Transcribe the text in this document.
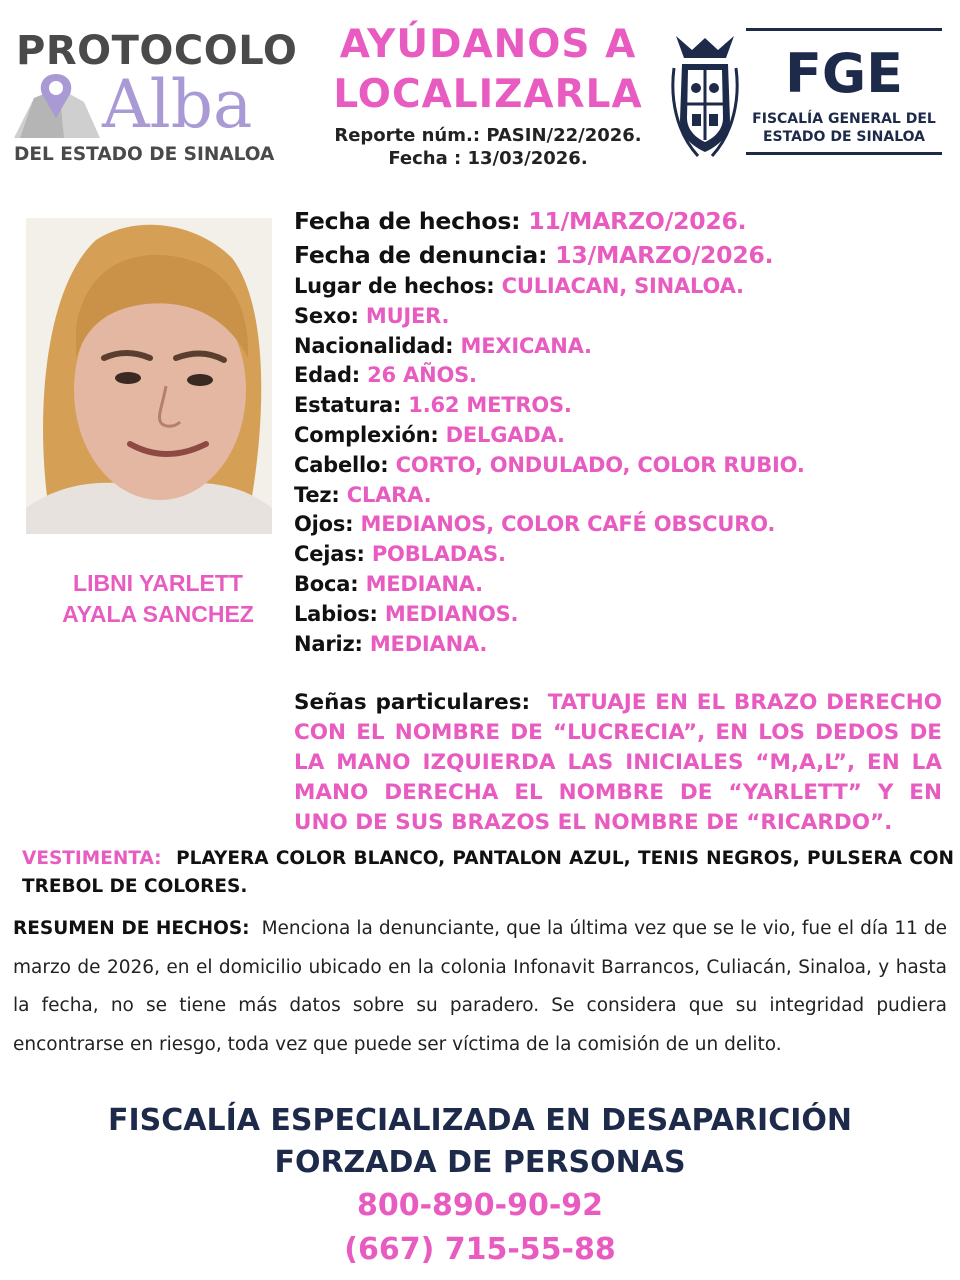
PROTOCOLO
Alba
DEL ESTADO DE SINALOA
AYÚDANOS A
LOCALIZARLA
Reporte núm.: PASIN/22/2026.
Fecha : 13/03/2026.
FGE
FISCALÍA GENERAL DEL
ESTADO DE SINALOA
LIBNI YARLETT
AYALA SANCHEZ
Fecha de hechos: 11/MARZO/2026.
Fecha de denuncia: 13/MARZO/2026.
Lugar de hechos: CULIACAN, SINALOA.
Sexo: MUJER.
Nacionalidad: MEXICANA.
Edad: 26 AÑOS.
Estatura: 1.62 METROS.
Complexión: DELGADA.
Cabello: CORTO, ONDULADO, COLOR RUBIO.
Tez: CLARA.
Ojos: MEDIANOS, COLOR CAFÉ OBSCURO.
Cejas: POBLADAS.
Boca: MEDIANA.
Labios: MEDIANOS.
Nariz: MEDIANA.
Señas particulares: TATUAJE EN EL BRAZO DERECHO CON EL NOMBRE DE “LUCRECIA”, EN LOS DEDOS DE LA MANO IZQUIERDA LAS INICIALES “M,A,L”, EN LA MANO DERECHA EL NOMBRE DE “YARLETT” Y EN UNO DE SUS BRAZOS EL NOMBRE DE “RICARDO”.
VESTIMENTA: PLAYERA COLOR BLANCO, PANTALON AZUL, TENIS NEGROS, PULSERA CON TREBOL DE COLORES.
RESUMEN DE HECHOS: Menciona la denunciante, que la última vez que se le vio, fue el día 11 de marzo de 2026, en el domicilio ubicado en la colonia Infonavit Barrancos, Culiacán, Sinaloa, y hasta la fecha, no se tiene más datos sobre su paradero. Se considera que su integridad pudiera encontrarse en riesgo, toda vez que puede ser víctima de la comisión de un delito.
FISCALÍA ESPECIALIZADA EN DESAPARICIÓN
FORZADA DE PERSONAS
800-890-90-92
(667) 715-55-88
